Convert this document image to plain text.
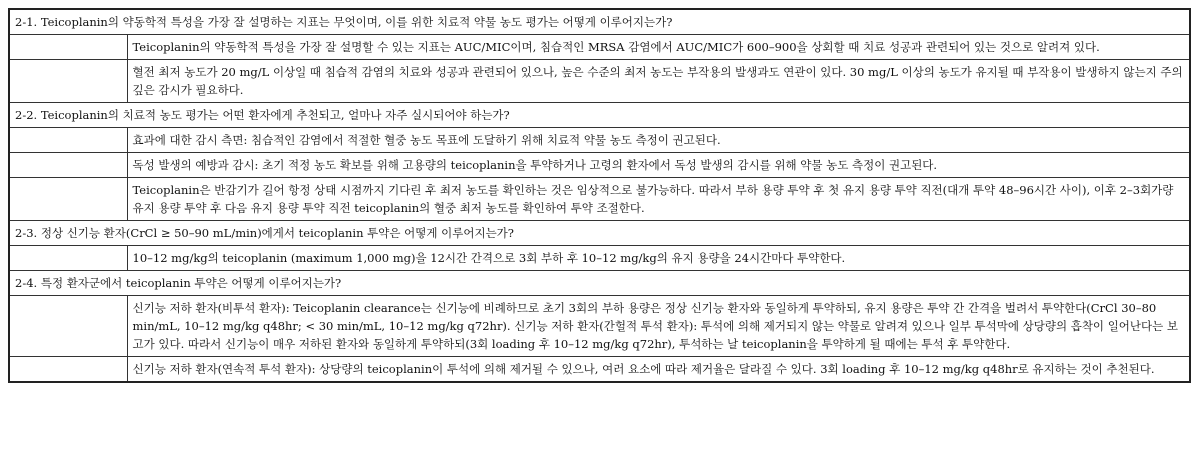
2-1. Teicoplanin의 약동학적 특성을 가장 잘 설명하는 지표는 무엇이며, 이를 위한 치료적 약물 농도 평가는 어떻게 이루어지는가?	
	Teicoplanin의 약동학적 특성을 가장 잘 설명할 수 있는 지표는 AUC/MIC이며, 침습적인 MRSA 감염에서 AUC/MIC가 600–900을 상회할 때 치료 성공과 관련되어 있는 것으로 알려져 있다.
	혈전 최저 농도가 20 mg/L 이상일 때 침습적 감염의 치료와 성공과 관련되어 있으나, 높은 수준의 최저 농도는 부작용의 발생과도 연관이 있다. 30 mg/L 이상의 농도가 유지될 때 부작용이 발생하지 않는지 주의 깊은 감시가 필요하다.
2-2. Teicoplanin의 치료적 농도 평가는 어떤 환자에게 추천되고, 얼마나 자주 실시되어야 하는가?	
	효과에 대한 감시 측면: 침습적인 감염에서 적절한 혈중 농도 목표에 도달하기 위해 치료적 약물 농도 측정이 권고된다.
	독성 발생의 예방과 감시: 초기 적정 농도 확보를 위해 고용량의 teicoplanin을 투약하거나 고령의 환자에서 독성 발생의 감시를 위해 약물 농도 측정이 권고된다.
	Teicoplanin은 반감기가 길어 항정 상태 시점까지 기다린 후 최저 농도를 확인하는 것은 임상적으로 불가능하다. 따라서 부하 용량 투약 후 첫 유지 용량 투약 직전(대개 투약 48–96시간 사이), 이후 2–3회가량 유지 용량 투약 후 다음 유지 용량 투약 직전 teicoplanin의 혈중 최저 농도를 확인하여 투약 조절한다.
2-3. 정상 신기능 환자(CrCl ≥ 50–90 mL/min)에게서 teicoplanin 투약은 어떻게 이루어지는가?	
	10–12 mg/kg의 teicoplanin (maximum 1,000 mg)을 12시간 간격으로 3회 부하 후 10–12 mg/kg의 유지 용량을 24시간마다 투약한다.
2-4. 특정 환자군에서 teicoplanin 투약은 어떻게 이루어지는가?	
	신기능 저하 환자(비투석 환자): Teicoplanin clearance는 신기능에 비례하므로 초기 3회의 부하 용량은 정상 신기능 환자와 동일하게 투약하되, 유지 용량은 투약 간 간격을 벌려서 투약한다(CrCl 30–80 min/mL, 10–12 mg/kg q48hr; < 30 min/mL, 10–12 mg/kg q72hr). 신기능 저하 환자(간헐적 투석 환자): 투석에 의해 제거되지 않는 약물로 알려져 있으나 일부 투석막에 상당량의 흡착이 일어난다는 보고가 있다. 따라서 신기능이 매우 저하된 환자와 동일하게 투약하되(3회 loading 후 10–12 mg/kg q72hr), 투석하는 날 teicoplanin을 투약하게 될 때에는 투석 후 투약한다.
	신기능 저하 환자(연속적 투석 환자): 상당량의 teicoplanin이 투석에 의해 제거될 수 있으나, 여러 요소에 따라 제거율은 달라질 수 있다. 3회 loading 후 10–12 mg/kg q48hr로 유지하는 것이 추천된다.
